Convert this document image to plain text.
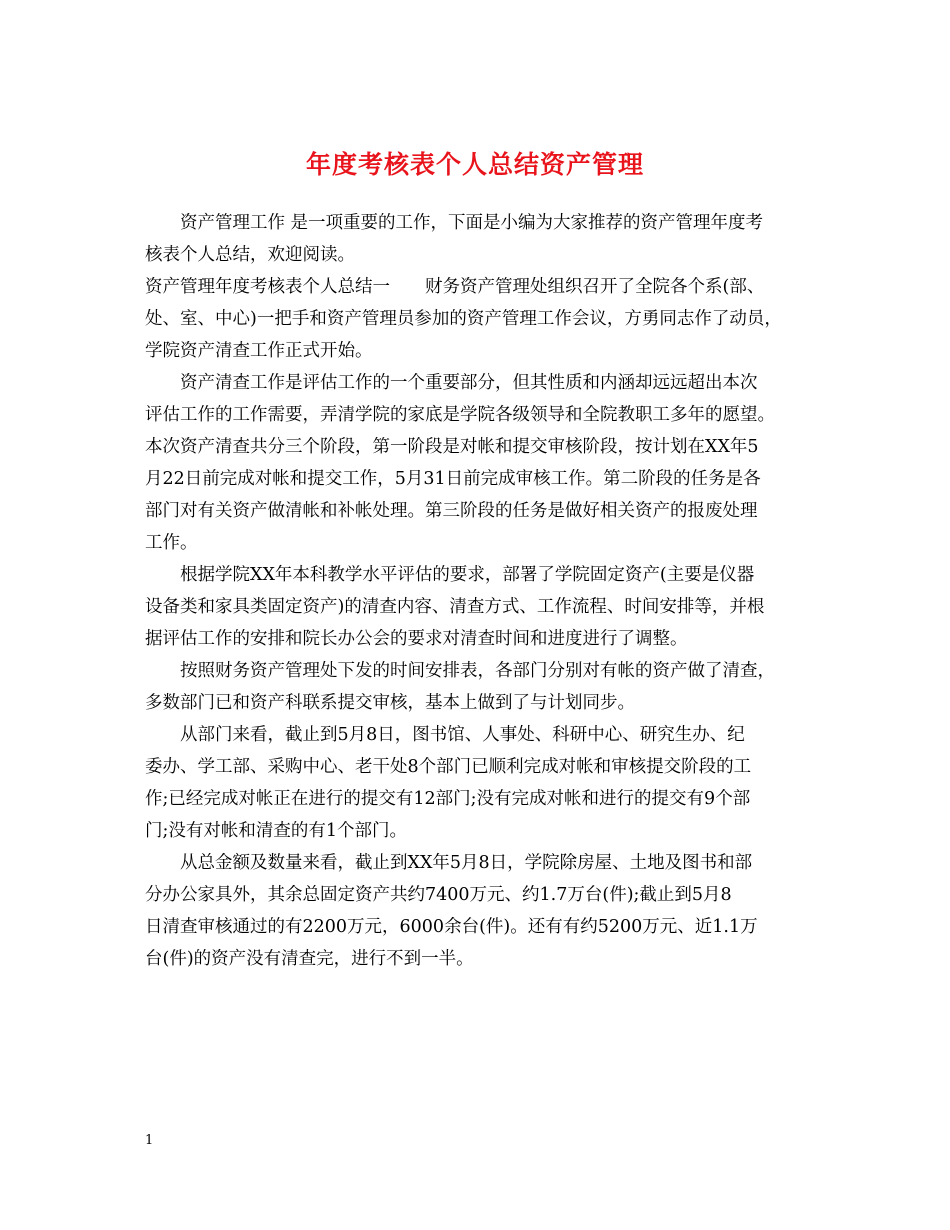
年度考核表个人总结资产管理
　　资产管理工作 是一项重要的工作，下面是小编为大家推荐的资产管理年度考
核表个人总结，欢迎阅读。
资产管理年度考核表个人总结一　　财务资产管理处组织召开了全院各个系(部、
处、室、中心)一把手和资产管理员参加的资产管理工作会议，方勇同志作了动员，
学院资产清查工作正式开始。
　　资产清查工作是评估工作的一个重要部分，但其性质和内涵却远远超出本次
评估工作的工作需要，弄清学院的家底是学院各级领导和全院教职工多年的愿望。
本次资产清查共分三个阶段，第一阶段是对帐和提交审核阶段，按计划在XX年5
月22日前完成对帐和提交工作，5月31日前完成审核工作。第二阶段的任务是各
部门对有关资产做清帐和补帐处理。第三阶段的任务是做好相关资产的报废处理
工作。
　　根据学院XX年本科教学水平评估的要求，部署了学院固定资产(主要是仪器
设备类和家具类固定资产)的清查内容、清查方式、工作流程、时间安排等，并根
据评估工作的安排和院长办公会的要求对清查时间和进度进行了调整。
　　按照财务资产管理处下发的时间安排表，各部门分别对有帐的资产做了清查，
多数部门已和资产科联系提交审核，基本上做到了与计划同步。
　　从部门来看，截止到5月8日，图书馆、人事处、科研中心、研究生办、纪
委办、学工部、采购中心、老干处8个部门已顺利完成对帐和审核提交阶段的工
作;已经完成对帐正在进行的提交有12部门;没有完成对帐和进行的提交有9个部
门;没有对帐和清查的有1个部门。
　　从总金额及数量来看，截止到XX年5月8日，学院除房屋、土地及图书和部
分办公家具外，其余总固定资产共约7400万元、约1.7万台(件);截止到5月8
日清查审核通过的有2200万元，6000余台(件)。还有有约5200万元、近1.1万
台(件)的资产没有清查完，进行不到一半。
1
